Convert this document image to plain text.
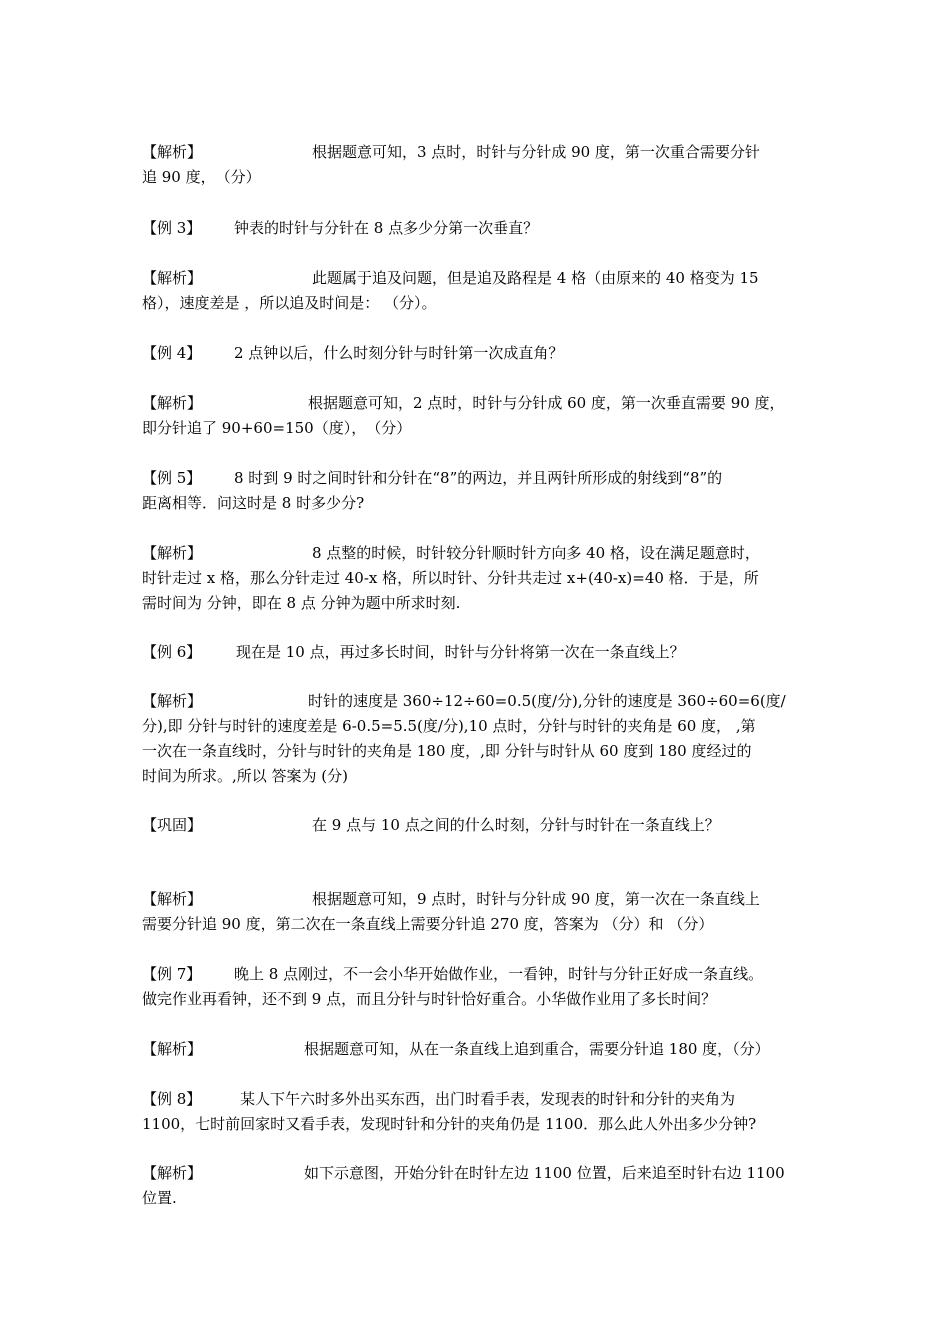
【解析】	根据题意可知，3 点时，时针与分针成 90 度，第一次重合需要分针
追 90 度，　（分）
【例 3】 钟表的时针与分针在 8 点多少分第一次垂直？
【解析】	此题属于追及问题，但是追及路程是 4 格（由原来的 40 格变为 15
格），速度差是 ，所以追及时间是： （分）。
【例 4】 2 点钟以后，什么时刻分针与时针第一次成直角？
【解析】	根据题意可知，2 点时，时针与分针成 60 度，第一次垂直需要 90 度，
即分针追了 90+60=150（度），　（分）
【例 5】 8 时到 9 时之间时针和分针在“8”的两边，并且两针所形成的射线到“8”的
距离相等．问这时是 8 时多少分?
【解析】	8 点整的时候，时针较分针顺时针方向多 40 格，设在满足题意时，
时针走过 x 格，那么分针走过 40-x 格，所以时针、分针共走过 x+(40-x)=40 格．于是，所
需时间为 分钟，即在 8 点 分钟为题中所求时刻.
【例 6】 现在是 10 点，再过多长时间，时针与分针将第一次在一条直线上？
【解析】	时针的速度是 360÷12÷60=0.5(度/分),分针的速度是 360÷60=6(度/
分),即 分针与时针的速度差是 6-0.5=5.5(度/分),10 点时，分针与时针的夹角是 60 度， ,第
一次在一条直线时，分针与时针的夹角是 180 度，,即 分针与时针从 60 度到 180 度经过的
时间为所求。,所以 答案为 (分)
【巩固】	在 9 点与 10 点之间的什么时刻，分针与时针在一条直线上？
【解析】	根据题意可知，9 点时，时针与分针成 90 度，第一次在一条直线上
需要分针追 90 度，第二次在一条直线上需要分针追 270 度，答案为 （分）和 （分）
【例 7】 晚上 8 点刚过，不一会小华开始做作业，一看钟，时针与分针正好成一条直线。
做完作业再看钟，还不到 9 点，而且分针与时针恰好重合。小华做作业用了多长时间？
【解析】	根据题意可知，从在一条直线上追到重合，需要分针追 180 度，（分）
【例 8】	某人下午六时多外出买东西，出门时看手表，发现表的时针和分针的夹角为
1100，七时前回家时又看手表，发现时针和分针的夹角仍是 1100．那么此人外出多少分钟?
【解析】	如下示意图，开始分针在时针左边 1100 位置，后来追至时针右边 1100
位置.
